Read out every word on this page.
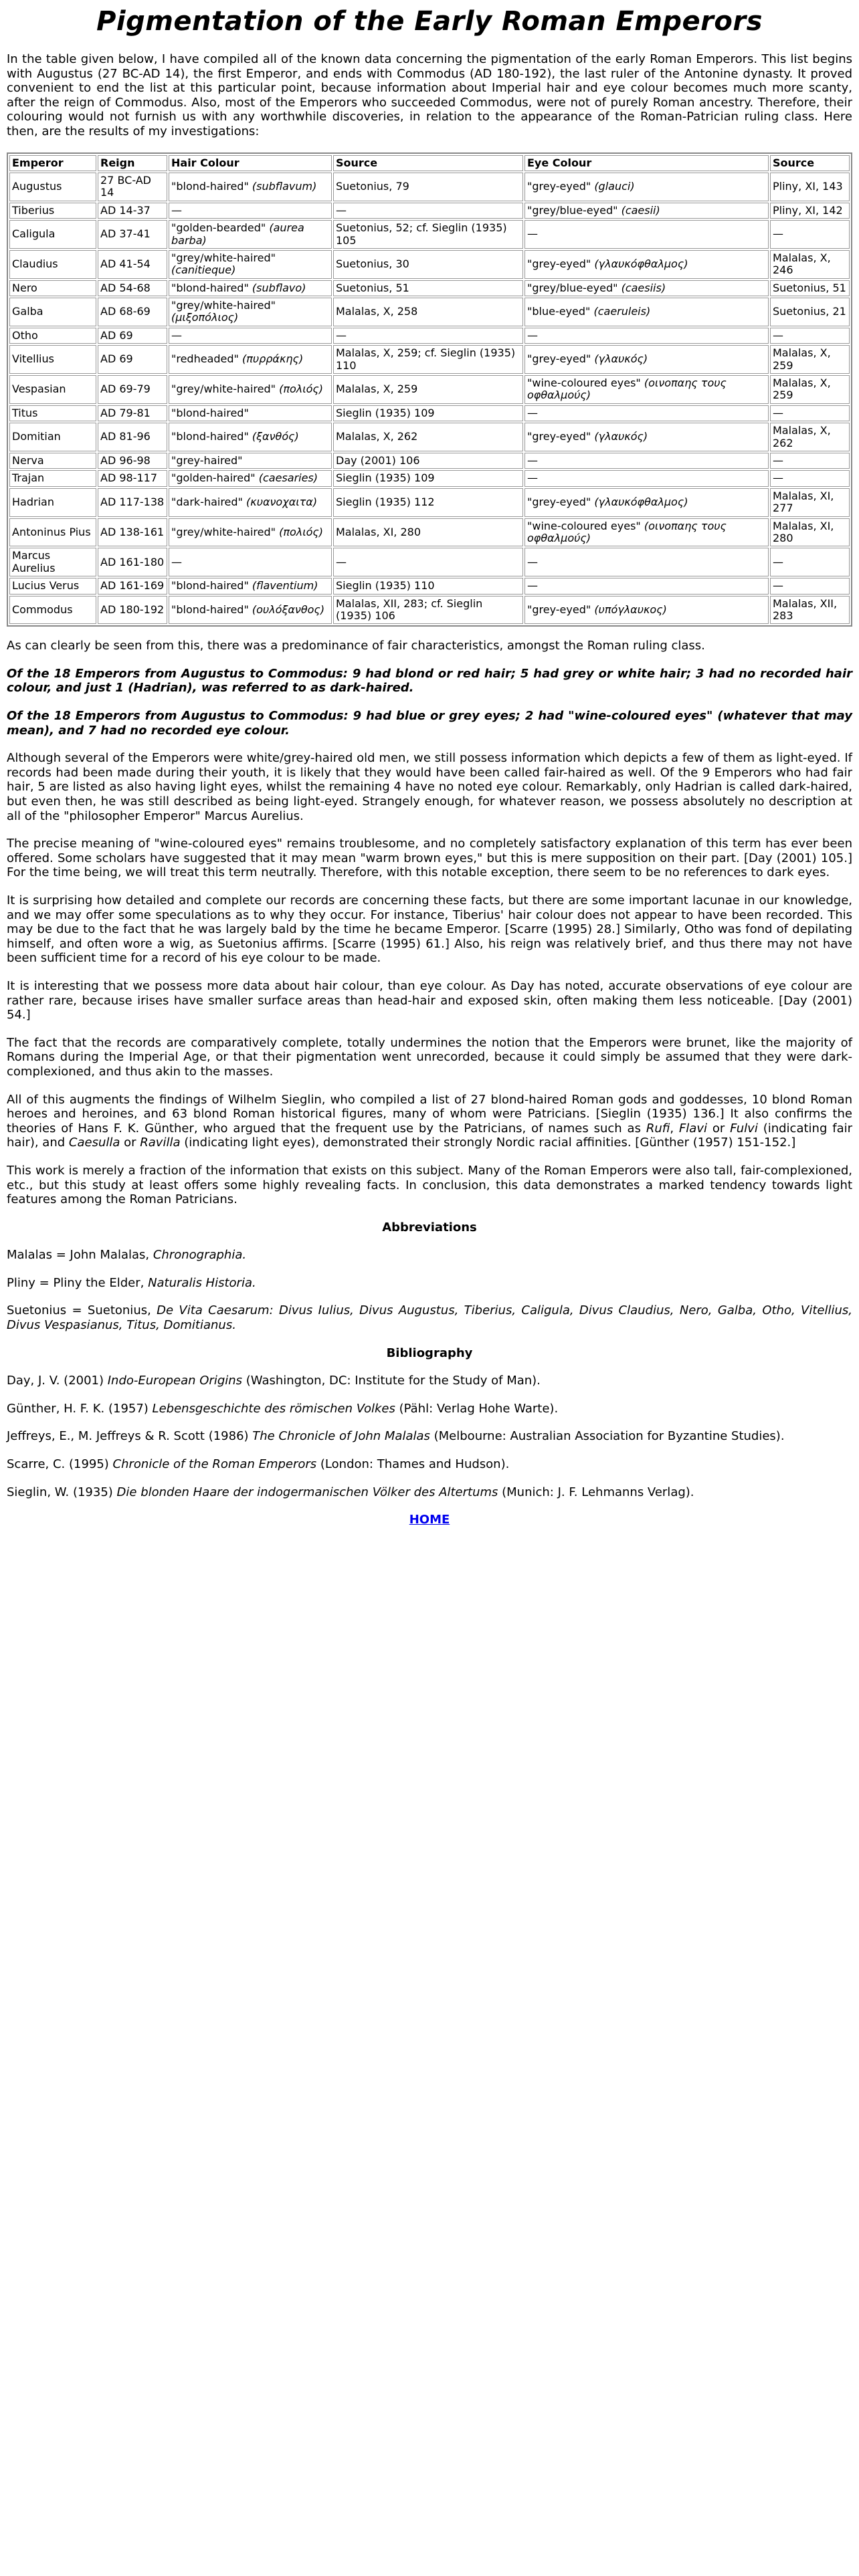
Pigmentation of the Early Roman Emperors

In the table given below, I have compiled all of the known data concerning the pigmentation of the early Roman Emperors. This list begins with Augustus (27 BC-AD 14), the first Emperor, and ends with Commodus (AD 180-192), the last ruler of the Antonine dynasty. It proved convenient to end the list at this particular point, because information about Imperial hair and eye colour becomes much more scanty, after the reign of Commodus. Also, most of the Emperors who succeeded Commodus, were not of purely Roman ancestry. Therefore, their colouring would not furnish us with any worthwhile discoveries, in relation to the appearance of the Roman-Patrician ruling class. Here then, are the results of my investigations:

Emperor	Reign	Hair Colour	Source	Eye Colour	Source
Augustus	27 BC-AD 14	"blond-haired" (subflavum)	Suetonius, 79	"grey-eyed" (glauci)	Pliny, XI, 143
Tiberius	AD 14-37	—	—	"grey/blue-eyed" (caesii)	Pliny, XI, 142
Caligula	AD 37-41	"golden-bearded" (aurea barba)	Suetonius, 52; cf. Sieglin (1935) 105	—	—
Claudius	AD 41-54	"grey/white-haired" (canitieque)	Suetonius, 30	"grey-eyed" (γλαυκόφθαλμος)	Malalas, X, 246
Nero	AD 54-68	"blond-haired" (subflavo)	Suetonius, 51	"grey/blue-eyed" (caesiis)	Suetonius, 51
Galba	AD 68-69	"grey/white-haired" (μιξοπόλιος)	Malalas, X, 258	"blue-eyed" (caeruleis)	Suetonius, 21
Otho	AD 69	—	—	—	—
Vitellius	AD 69	"redheaded" (πυρράκης)	Malalas, X, 259; cf. Sieglin (1935) 110	"grey-eyed" (γλαυκός)	Malalas, X, 259
Vespasian	AD 69-79	"grey/white-haired" (πολιός)	Malalas, X, 259	"wine-coloured eyes" (οινοπαης τους οφθαλμούς)	Malalas, X, 259
Titus	AD 79-81	"blond-haired"	Sieglin (1935) 109	—	—
Domitian	AD 81-96	"blond-haired" (ξανθός)	Malalas, X, 262	"grey-eyed" (γλαυκός)	Malalas, X, 262
Nerva	AD 96-98	"grey-haired"	Day (2001) 106	—	—
Trajan	AD 98-117	"golden-haired" (caesaries)	Sieglin (1935) 109	—	—
Hadrian	AD 117-138	"dark-haired" (κυανοχαιτα)	Sieglin (1935) 112	"grey-eyed" (γλαυκόφθαλμος)	Malalas, XI, 277
Antoninus Pius	AD 138-161	"grey/white-haired" (πολιός)	Malalas, XI, 280	"wine-coloured eyes" (οινοπαης τους οφθαλμούς)	Malalas, XI, 280
Marcus Aurelius	AD 161-180	—	—	—	—
Lucius Verus	AD 161-169	"blond-haired" (flaventium)	Sieglin (1935) 110	—	—
Commodus	AD 180-192	"blond-haired" (ουλόξανθος)	Malalas, XII, 283; cf. Sieglin (1935) 106	"grey-eyed" (υπόγλαυκος)	Malalas, XII, 283

As can clearly be seen from this, there was a predominance of fair characteristics, amongst the Roman ruling class.

Of the 18 Emperors from Augustus to Commodus: 9 had blond or red hair; 5 had grey or white hair; 3 had no recorded hair colour, and just 1 (Hadrian), was referred to as dark-haired.

Of the 18 Emperors from Augustus to Commodus: 9 had blue or grey eyes; 2 had "wine-coloured eyes" (whatever that may mean), and 7 had no recorded eye colour.

Although several of the Emperors were white/grey-haired old men, we still possess information which depicts a few of them as light-eyed. If records had been made during their youth, it is likely that they would have been called fair-haired as well. Of the 9 Emperors who had fair hair, 5 are listed as also having light eyes, whilst the remaining 4 have no noted eye colour. Remarkably, only Hadrian is called dark-haired, but even then, he was still described as being light-eyed. Strangely enough, for whatever reason, we possess absolutely no description at all of the "philosopher Emperor" Marcus Aurelius.

The precise meaning of "wine-coloured eyes" remains troublesome, and no completely satisfactory explanation of this term has ever been offered. Some scholars have suggested that it may mean "warm brown eyes," but this is mere supposition on their part. [Day (2001) 105.] For the time being, we will treat this term neutrally. Therefore, with this notable exception, there seem to be no references to dark eyes.

It is surprising how detailed and complete our records are concerning these facts, but there are some important lacunae in our knowledge, and we may offer some speculations as to why they occur. For instance, Tiberius' hair colour does not appear to have been recorded. This may be due to the fact that he was largely bald by the time he became Emperor. [Scarre (1995) 28.] Similarly, Otho was fond of depilating himself, and often wore a wig, as Suetonius affirms. [Scarre (1995) 61.] Also, his reign was relatively brief, and thus there may not have been sufficient time for a record of his eye colour to be made.

It is interesting that we possess more data about hair colour, than eye colour. As Day has noted, accurate observations of eye colour are rather rare, because irises have smaller surface areas than head-hair and exposed skin, often making them less noticeable. [Day (2001) 54.]

The fact that the records are comparatively complete, totally undermines the notion that the Emperors were brunet, like the majority of Romans during the Imperial Age, or that their pigmentation went unrecorded, because it could simply be assumed that they were dark-complexioned, and thus akin to the masses.

All of this augments the findings of Wilhelm Sieglin, who compiled a list of 27 blond-haired Roman gods and goddesses, 10 blond Roman heroes and heroines, and 63 blond Roman historical figures, many of whom were Patricians. [Sieglin (1935) 136.] It also confirms the theories of Hans F. K. Günther, who argued that the frequent use by the Patricians, of names such as Rufi, Flavi or Fulvi (indicating fair hair), and Caesulla or Ravilla (indicating light eyes), demonstrated their strongly Nordic racial affinities. [Günther (1957) 151-152.]

This work is merely a fraction of the information that exists on this subject. Many of the Roman Emperors were also tall, fair-complexioned, etc., but this study at least offers some highly revealing facts. In conclusion, this data demonstrates a marked tendency towards light features among the Roman Patricians.

Abbreviations

Malalas = John Malalas, Chronographia.

Pliny = Pliny the Elder, Naturalis Historia.

Suetonius = Suetonius, De Vita Caesarum: Divus Iulius, Divus Augustus, Tiberius, Caligula, Divus Claudius, Nero, Galba, Otho, Vitellius, Divus Vespasianus, Titus, Domitianus.

Bibliography

Day, J. V. (2001) Indo-European Origins (Washington, DC: Institute for the Study of Man).

Günther, H. F. K. (1957) Lebensgeschichte des römischen Volkes (Pähl: Verlag Hohe Warte).

Jeffreys, E., M. Jeffreys & R. Scott (1986) The Chronicle of John Malalas (Melbourne: Australian Association for Byzantine Studies).

Scarre, C. (1995) Chronicle of the Roman Emperors (London: Thames and Hudson).

Sieglin, W. (1935) Die blonden Haare der indogermanischen Völker des Altertums (Munich: J. F. Lehmanns Verlag).

HOME
